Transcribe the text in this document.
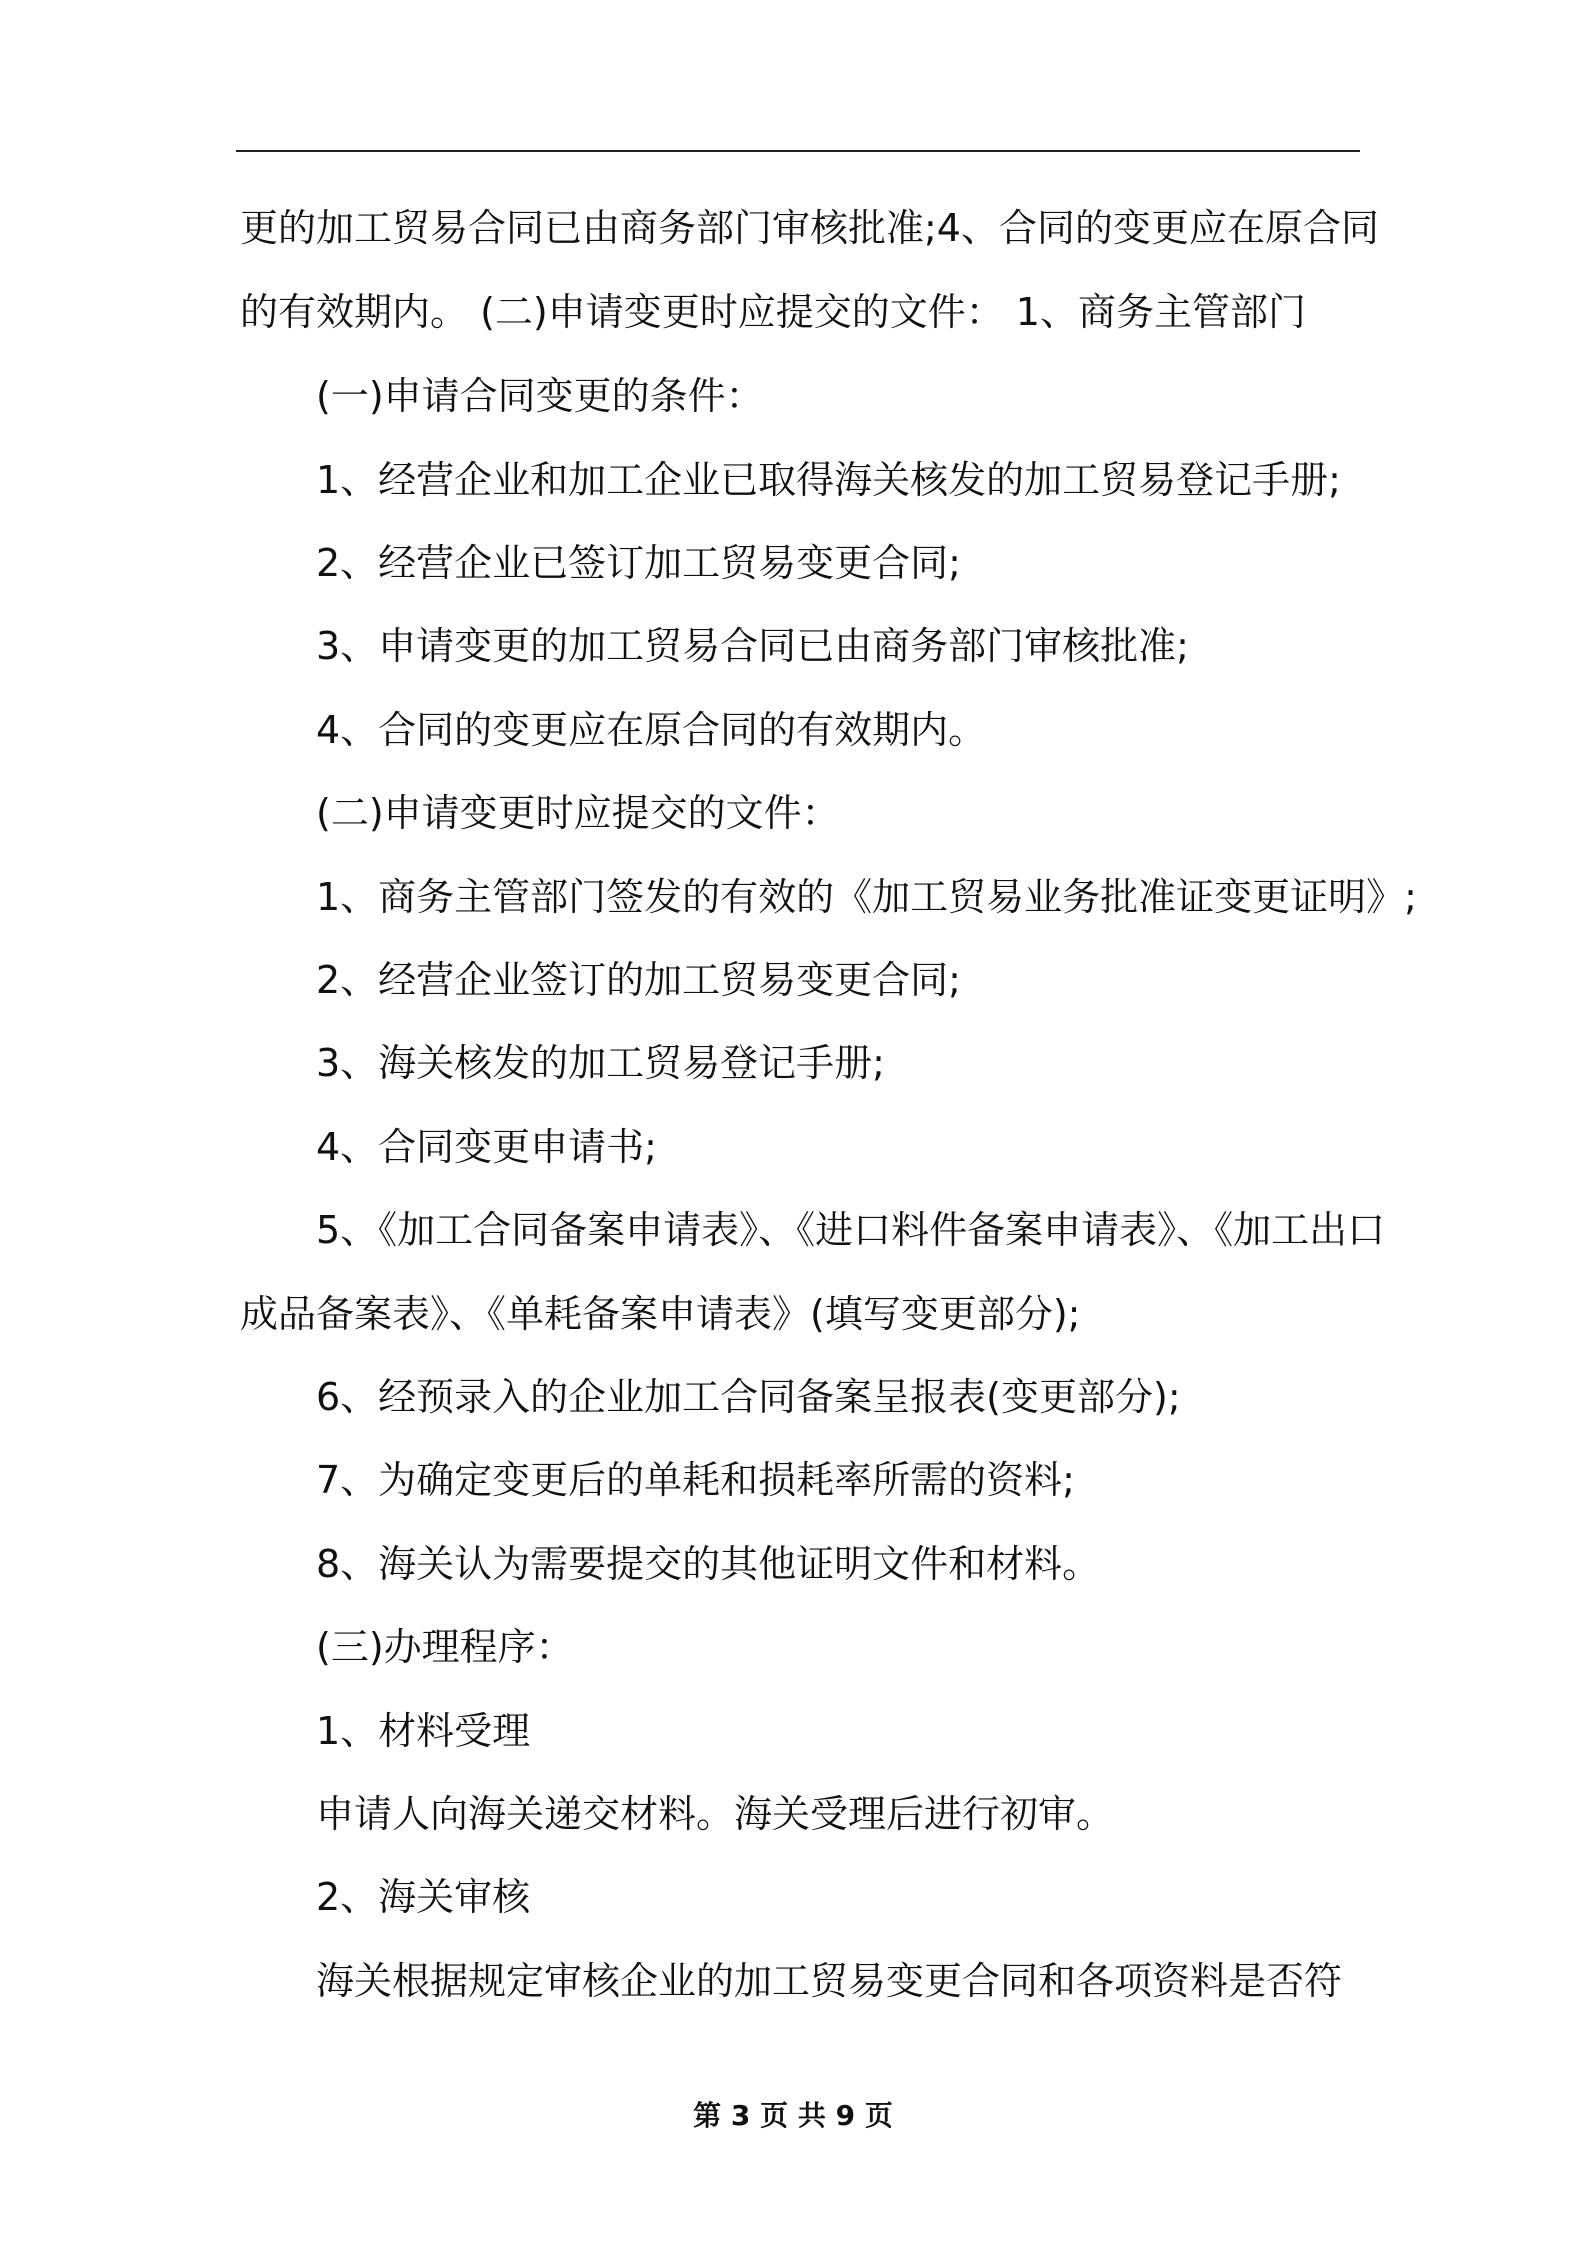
更的加工贸易合同已由商务部门审核批准;4、合同的变更应在原合同
的有效期内。 (二)申请变更时应提交的文件： 1、商务主管部门
(一)申请合同变更的条件：
1、经营企业和加工企业已取得海关核发的加工贸易登记手册;
2、经营企业已签订加工贸易变更合同;
3、申请变更的加工贸易合同已由商务部门审核批准;
4、合同的变更应在原合同的有效期内。
(二)申请变更时应提交的文件：
1、商务主管部门签发的有效的《加工贸易业务批准证变更证明》;
2、经营企业签订的加工贸易变更合同;
3、海关核发的加工贸易登记手册;
4、合同变更申请书;
5、《加工合同备案申请表》、《进口料件备案申请表》、《加工出口
成品备案表》、《单耗备案申请表》(填写变更部分);
6、经预录入的企业加工合同备案呈报表(变更部分);
7、为确定变更后的单耗和损耗率所需的资料;
8、海关认为需要提交的其他证明文件和材料。
(三)办理程序：
1、材料受理
申请人向海关递交材料。海关受理后进行初审。
2、海关审核
海关根据规定审核企业的加工贸易变更合同和各项资料是否符
第 3 页 共 9 页
